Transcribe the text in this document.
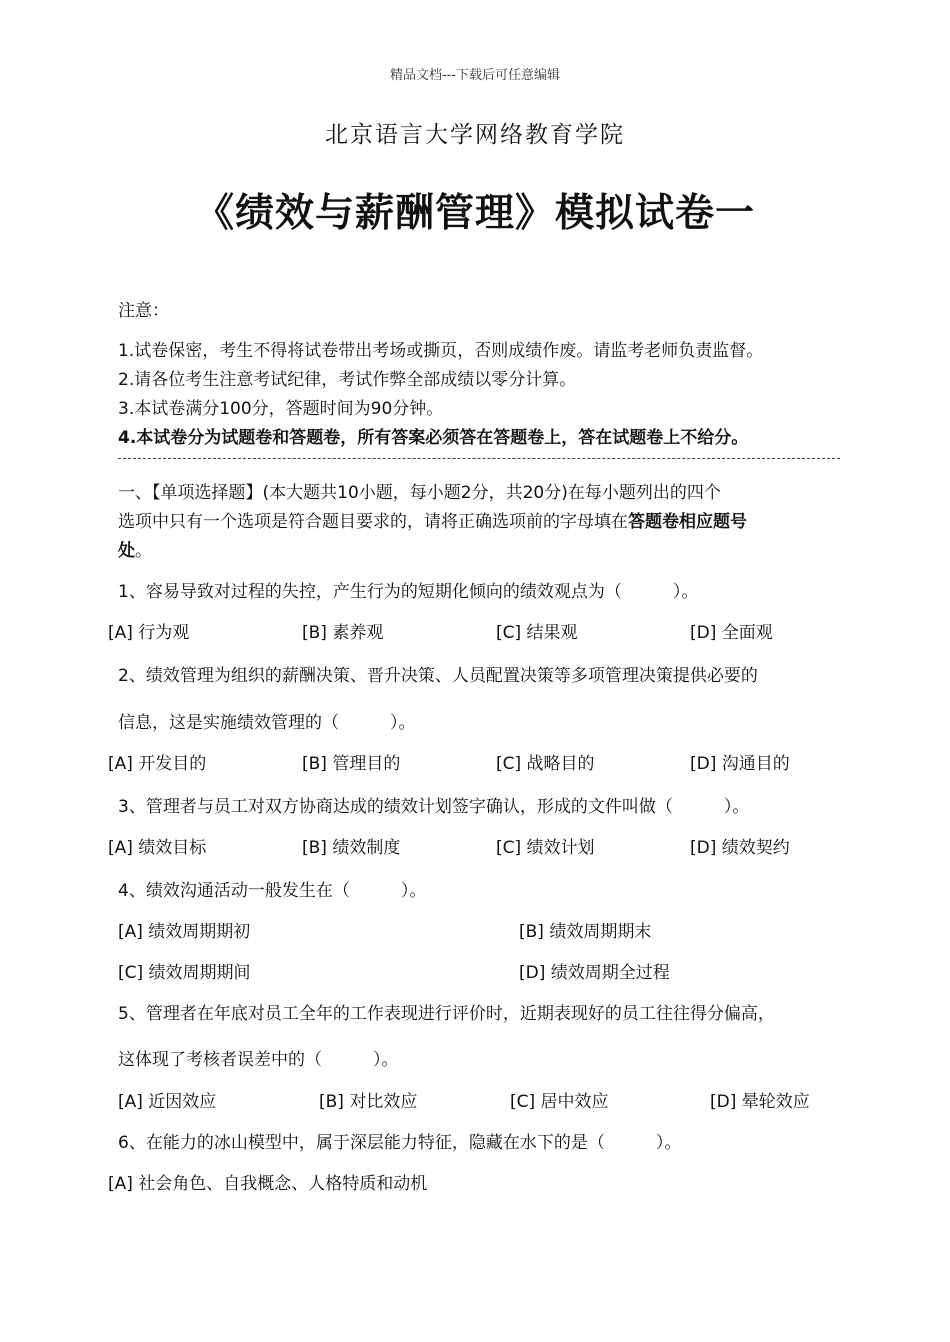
精品文档---下载后可任意编辑
北京语言大学网络教育学院
《绩效与薪酬管理》模拟试卷一
注意：
1.试卷保密，考生不得将试卷带出考场或撕页，否则成绩作废。请监考老师负责监督。
2.请各位考生注意考试纪律，考试作弊全部成绩以零分计算。
3.本试卷满分100分，答题时间为90分钟。
4.本试卷分为试题卷和答题卷，所有答案必须答在答题卷上，答在试题卷上不给分。
一、【单项选择题】(本大题共10小题，每小题2分，共20分)在每小题列出的四个
选项中只有一个选项是符合题目要求的，请将正确选项前的字母填在答题卷相应题号
处。
1、容易导致对过程的失控，产生行为的短期化倾向的绩效观点为（　　　）。
[A] 行为观	[B] 素养观	[C] 结果观	[D] 全面观
2、绩效管理为组织的薪酬决策、晋升决策、人员配置决策等多项管理决策提供必要的
信息，这是实施绩效管理的（　　　）。
[A] 开发目的	[B] 管理目的	[C] 战略目的	[D] 沟通目的
3、管理者与员工对双方协商达成的绩效计划签字确认，形成的文件叫做（　　　）。
[A] 绩效目标	[B] 绩效制度	[C] 绩效计划	[D] 绩效契约
4、绩效沟通活动一般发生在（　　　）。
[A] 绩效周期期初	[B] 绩效周期期末
[C] 绩效周期期间	[D] 绩效周期全过程
5、管理者在年底对员工全年的工作表现进行评价时，近期表现好的员工往往得分偏高，
这体现了考核者误差中的（　　　）。
[A] 近因效应	[B] 对比效应	[C] 居中效应	[D] 晕轮效应
6、在能力的冰山模型中，属于深层能力特征，隐藏在水下的是（　　　）。
[A] 社会角色、自我概念、人格特质和动机
